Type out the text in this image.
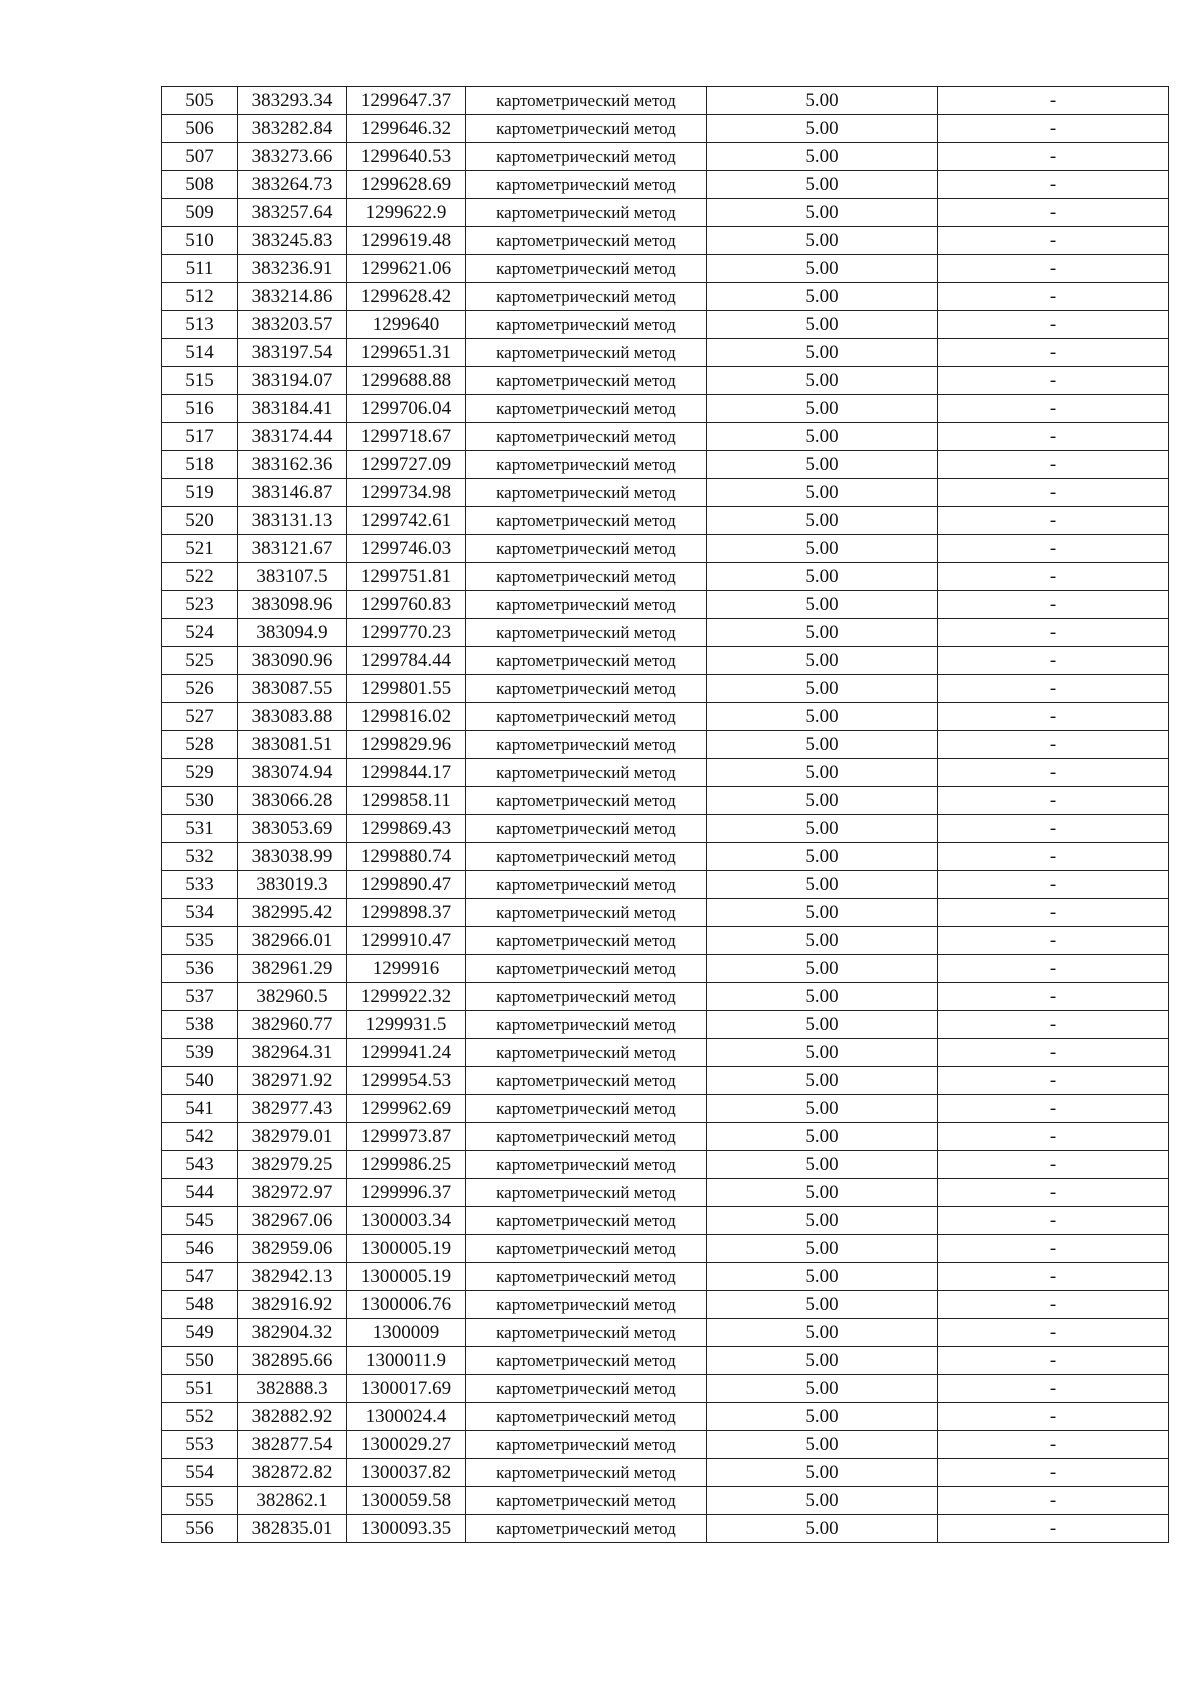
505	383293.34	1299647.37	картометрический метод	5.00	-
506	383282.84	1299646.32	картометрический метод	5.00	-
507	383273.66	1299640.53	картометрический метод	5.00	-
508	383264.73	1299628.69	картометрический метод	5.00	-
509	383257.64	1299622.9	картометрический метод	5.00	-
510	383245.83	1299619.48	картометрический метод	5.00	-
511	383236.91	1299621.06	картометрический метод	5.00	-
512	383214.86	1299628.42	картометрический метод	5.00	-
513	383203.57	1299640	картометрический метод	5.00	-
514	383197.54	1299651.31	картометрический метод	5.00	-
515	383194.07	1299688.88	картометрический метод	5.00	-
516	383184.41	1299706.04	картометрический метод	5.00	-
517	383174.44	1299718.67	картометрический метод	5.00	-
518	383162.36	1299727.09	картометрический метод	5.00	-
519	383146.87	1299734.98	картометрический метод	5.00	-
520	383131.13	1299742.61	картометрический метод	5.00	-
521	383121.67	1299746.03	картометрический метод	5.00	-
522	383107.5	1299751.81	картометрический метод	5.00	-
523	383098.96	1299760.83	картометрический метод	5.00	-
524	383094.9	1299770.23	картометрический метод	5.00	-
525	383090.96	1299784.44	картометрический метод	5.00	-
526	383087.55	1299801.55	картометрический метод	5.00	-
527	383083.88	1299816.02	картометрический метод	5.00	-
528	383081.51	1299829.96	картометрический метод	5.00	-
529	383074.94	1299844.17	картометрический метод	5.00	-
530	383066.28	1299858.11	картометрический метод	5.00	-
531	383053.69	1299869.43	картометрический метод	5.00	-
532	383038.99	1299880.74	картометрический метод	5.00	-
533	383019.3	1299890.47	картометрический метод	5.00	-
534	382995.42	1299898.37	картометрический метод	5.00	-
535	382966.01	1299910.47	картометрический метод	5.00	-
536	382961.29	1299916	картометрический метод	5.00	-
537	382960.5	1299922.32	картометрический метод	5.00	-
538	382960.77	1299931.5	картометрический метод	5.00	-
539	382964.31	1299941.24	картометрический метод	5.00	-
540	382971.92	1299954.53	картометрический метод	5.00	-
541	382977.43	1299962.69	картометрический метод	5.00	-
542	382979.01	1299973.87	картометрический метод	5.00	-
543	382979.25	1299986.25	картометрический метод	5.00	-
544	382972.97	1299996.37	картометрический метод	5.00	-
545	382967.06	1300003.34	картометрический метод	5.00	-
546	382959.06	1300005.19	картометрический метод	5.00	-
547	382942.13	1300005.19	картометрический метод	5.00	-
548	382916.92	1300006.76	картометрический метод	5.00	-
549	382904.32	1300009	картометрический метод	5.00	-
550	382895.66	1300011.9	картометрический метод	5.00	-
551	382888.3	1300017.69	картометрический метод	5.00	-
552	382882.92	1300024.4	картометрический метод	5.00	-
553	382877.54	1300029.27	картометрический метод	5.00	-
554	382872.82	1300037.82	картометрический метод	5.00	-
555	382862.1	1300059.58	картометрический метод	5.00	-
556	382835.01	1300093.35	картометрический метод	5.00	-
